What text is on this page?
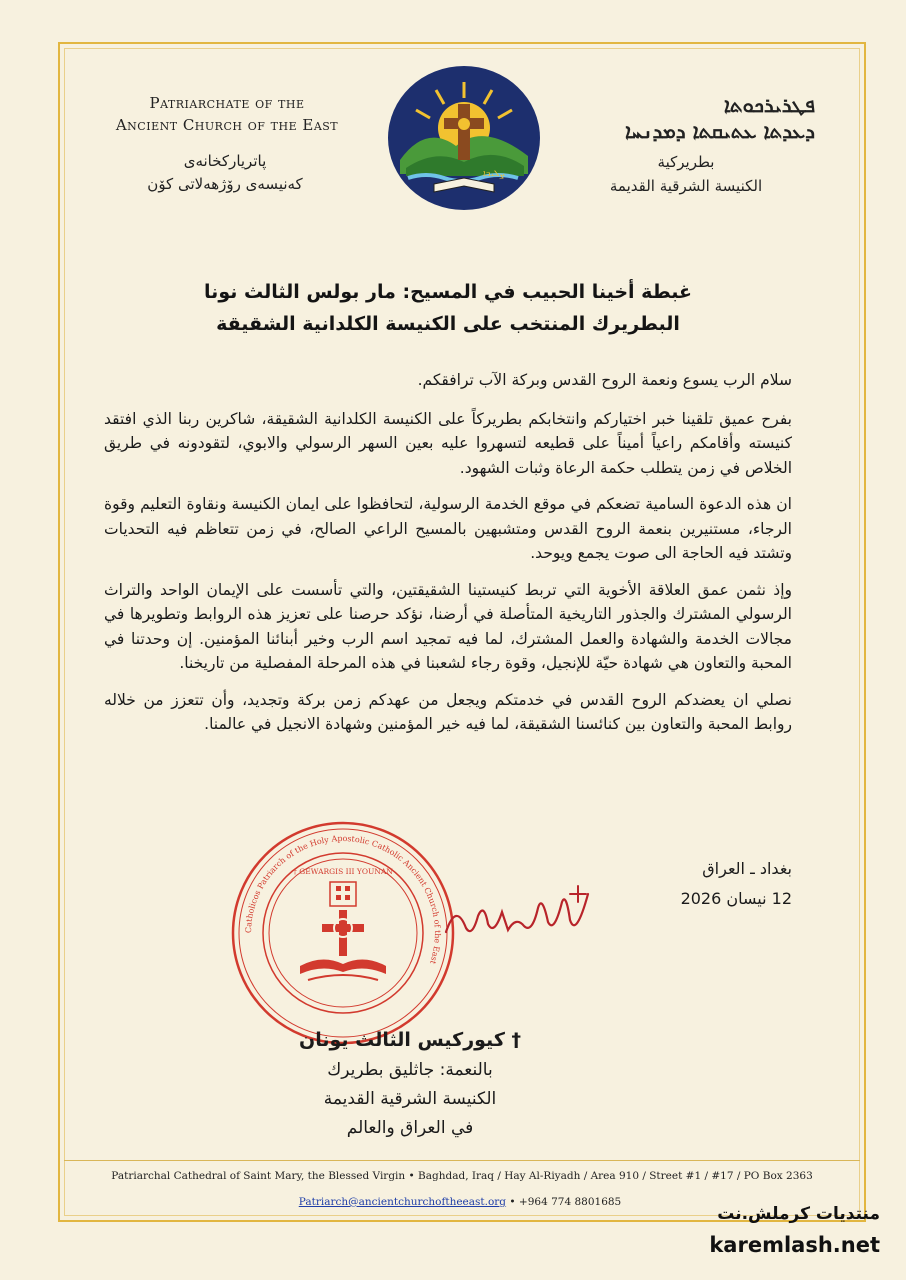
Patriarchate of the
Ancient Church of the East
پاتریارکخانەی
کەنیسەی رۆژهەلاتی کۆن
ܨܠܝܒܐ
ܦܛܪܝܪܟܘܬܐ
ܕܥܕܬܐ ܥܬܝܩܬܐ ܕܡܕܢܚܐ
بطريركية
الكنيسة الشرقية القديمة
غبطة أخينا الحبيب في المسيح: مار بولس الثالث نونا
البطريرك المنتخب على الكنيسة الكلدانية الشقيقة

سلام الرب يسوع ونعمة الروح القدس وبركة الآب ترافقكم.

بفرح عميق تلقينا خبر اختياركم وانتخابكم بطريركاً على الكنيسة الكلدانية الشقيقة، شاكرين ربنا الذي افتقد كنيسته وأقامكم راعياً أميناً على قطيعه لتسهروا عليه بعين السهر الرسولي والابوي، لتقودونه في طريق الخلاص في زمن يتطلب حكمة الرعاة وثبات الشهود.

ان هذه الدعوة السامية تضعكم في موقع الخدمة الرسولية، لتحافظوا على ايمان الكنيسة ونقاوة التعليم وقوة الرجاء، مستنيرين بنعمة الروح القدس ومتشبهين بالمسيح الراعي الصالح، في زمن تتعاظم فيه التحديات وتشتد فيه الحاجة الى صوت يجمع ويوحد.

وإذ نثمن عمق العلاقة الأخوية التي تربط كنيستينا الشقيقتين، والتي تأسست على الإيمان الواحد والتراث الرسولي المشترك والجذور التاريخية المتأصلة في أرضنا، نؤكد حرصنا على تعزيز هذه الروابط وتطويرها في مجالات الخدمة والشهادة والعمل المشترك، لما فيه تمجيد اسم الرب وخير أبنائنا المؤمنين. إن وحدتنا في المحبة والتعاون هي شهادة حيّة للإنجيل، وقوة رجاء لشعبنا في هذه المرحلة المفصلية من تاريخنا.

نصلي ان يعضدكم الروح القدس في خدمتكم ويجعل من عهدكم زمن بركة وتجديد، وأن تتعزز من خلاله روابط المحبة والتعاون بين كنائسنا الشقيقة، لما فيه خير المؤمنين وشهادة الانجيل في عالمنا.

بغداد ـ العراق
12 نيسان 2026
Catholicos Patriarch of the Holy Apostolic Catholic Ancient Church of the East
† GEWARGIS III YOUNAN
† كيوركيس الثالث يونان
بالنعمة: جاثليق بطريرك
الكنيسة الشرقية القديمة
في العراق والعالم
Patriarchal Cathedral of Saint Mary, the Blessed Virgin • Baghdad, Iraq / Hay Al-Riyadh / Area 910 / Street #1 / #17 / PO Box 2363
Patriarch@ancientchurchoftheeast.org • +964 774 8801685
منتديات كرملش.نت
karemlash.net
